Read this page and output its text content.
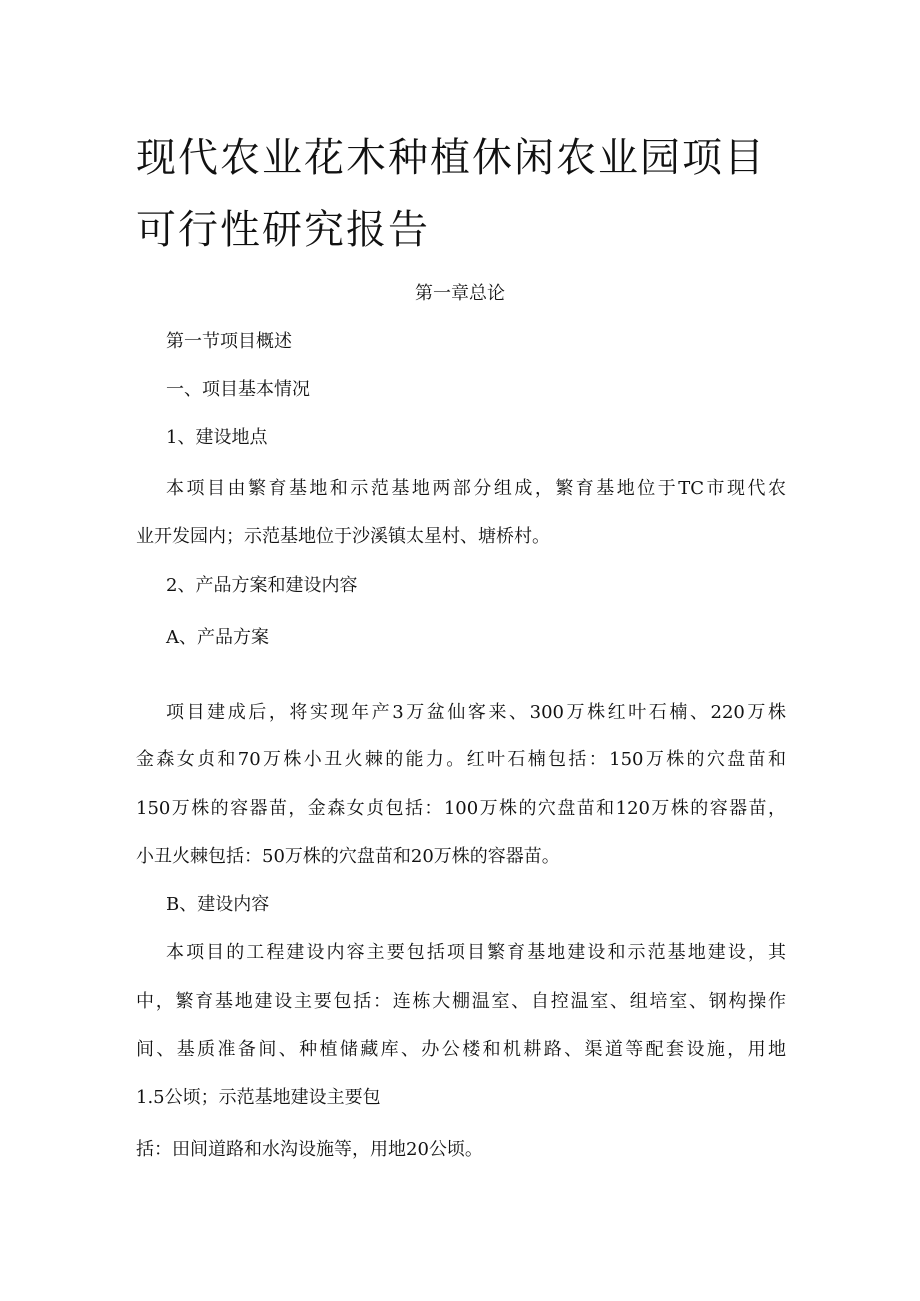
现代农业花木种植休闲农业园项目
可行性研究报告
第一章总论
第一节项目概述
一、项目基本情况
1、建设地点
本项目由繁育基地和示范基地两部分组成，繁育基地位于TC市现代农
业开发园内；示范基地位于沙溪镇太星村、塘桥村。
2、产品方案和建设内容
A、产品方案
项目建成后，将实现年产3万盆仙客来、300万株红叶石楠、220万株
金森女贞和70万株小丑火棘的能力。红叶石楠包括：150万株的穴盘苗和
150万株的容器苗，金森女贞包括：100万株的穴盘苗和120万株的容器苗，
小丑火棘包括：50万株的穴盘苗和20万株的容器苗。
B、建设内容
本项目的工程建设内容主要包括项目繁育基地建设和示范基地建设，其
中，繁育基地建设主要包括：连栋大棚温室、自控温室、组培室、钢构操作
间、基质准备间、种植储藏库、办公楼和机耕路、渠道等配套设施，用地
1.5公顷；示范基地建设主要包
括：田间道路和水沟设施等，用地20公顷。
